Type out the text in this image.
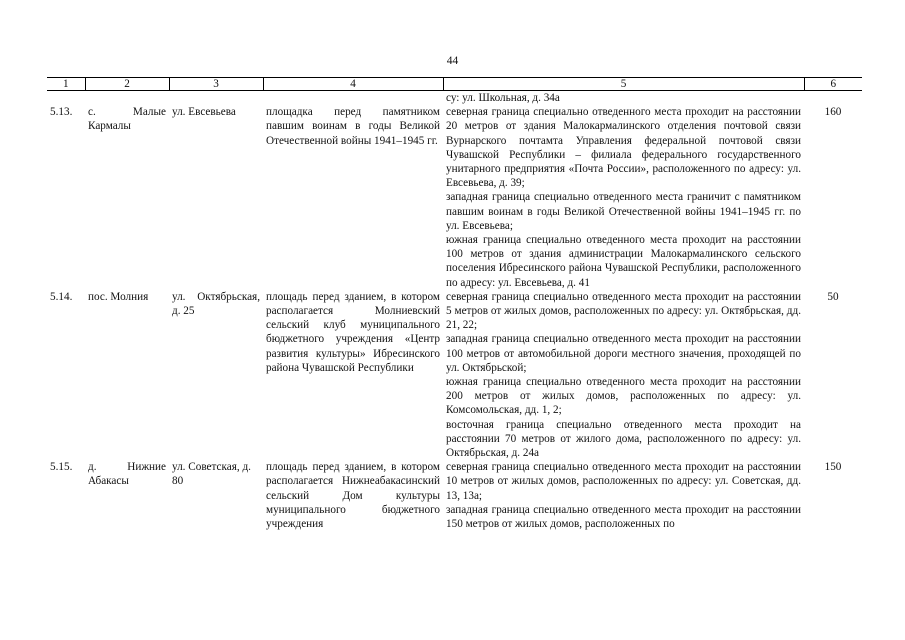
44
1	2	3	4	5	6

				су: ул. Школьная, д. 34а	

5.13.	с. Малые Кармалы	ул. Евсевьева	площадка перед памятником павшим воинам в годы Великой Отечественной войны 1941–1945 гг.	северная граница специально отведенного места проходит на расстоянии 20 метров от здания Малокармалинского отделения почтовой связи Вурнарского почтамта Управления федеральной почтовой связи Чувашской Республики – филиала федерального государственного унитарного предприятия «Почта России», расположенного по адресу: ул. Евсевьева, д. 39;
западная граница специально отведенного места граничит с памятником павшим воинам в годы Великой Отечественной войны 1941–1945 гг. по ул. Евсевьева;
южная граница специально отведенного места проходит на расстоянии 100 метров от здания администрации Малокармалинского сельского поселения Ибресинского района Чувашской Республики, расположенного по адресу: ул. Евсевьева, д. 41	160
5.14.	пос. Молния	ул. Октябрьская, д. 25	площадь перед зданием, в котором располагается Молниевский сельский клуб муниципального бюджетного учреждения «Центр развития культуры» Ибресинского района Чувашской Республики	северная граница специально отведенного места проходит на расстоянии 5 метров от жилых домов, расположенных по адресу: ул. Октябрьская, дд. 21, 22;
западная граница специально отведенного места проходит на расстоянии 100 метров от автомобильной дороги местного значения, проходящей по ул. Октябрьской;
южная граница специально отведенного места проходит на расстоянии 200 метров от жилых домов, расположенных по адресу: ул. Комсомольская, дд. 1, 2;
восточная граница специально отведенного места проходит на расстоянии 70 метров от жилого дома, расположенного по адресу: ул. Октябрьская, д. 24а	50
5.15.	д. Нижние Абакасы	ул. Советская, д. 80	площадь перед зданием, в котором располагается Нижнеабакасинский сельский Дом культуры муниципального бюджетного учреждения	северная граница специально отведенного места проходит на расстоянии 10 метров от жилых домов, расположенных по адресу: ул. Советская, дд. 13, 13а;
западная граница специально отведенного места проходит на расстоянии 150 метров от жилых домов, расположенных по	150
